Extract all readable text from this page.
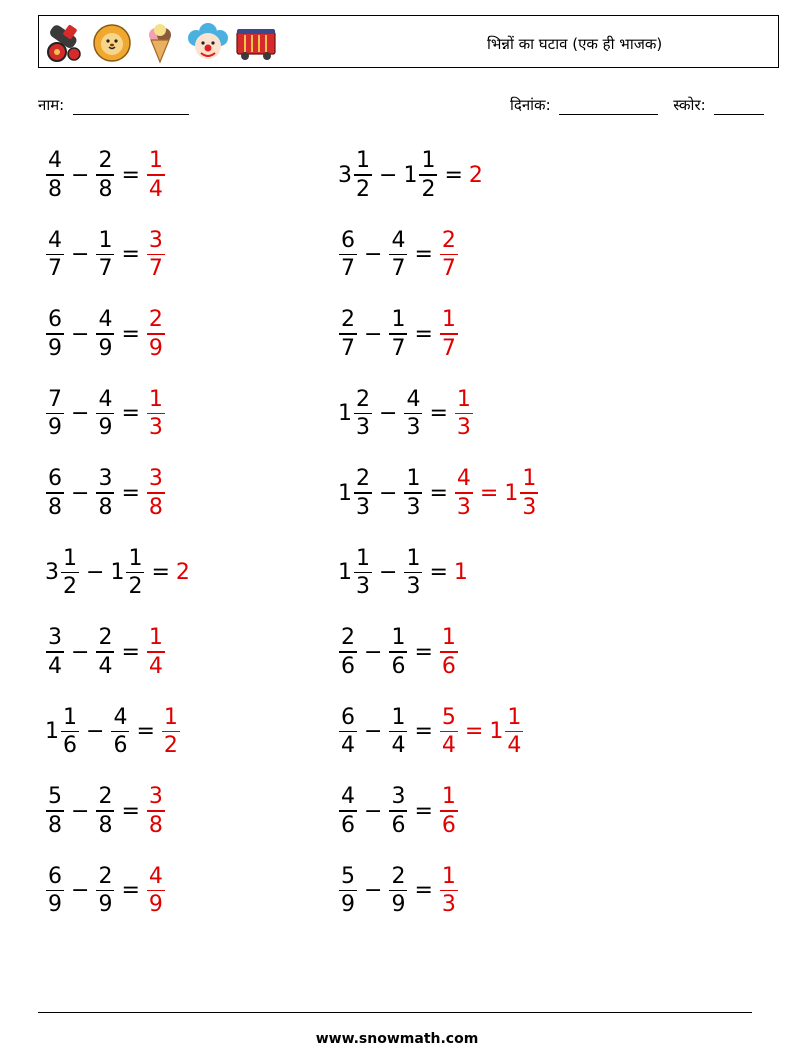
भिन्नों का घटाव (एक ही भाजक)
नाम:	दिनांक:	स्कोर:
$\frac{4}{8} - \frac{2}{8} = \frac{1}{4}$	$3 \frac{1}{2} - 1 \frac{1}{2} = 2$
$\frac{4}{7} - \frac{1}{7} = \frac{3}{7}$	$\frac{6}{7} - \frac{4}{7} = \frac{2}{7}$
$\frac{6}{9} - \frac{4}{9} = \frac{2}{9}$	$\frac{2}{7} - \frac{1}{7} = \frac{1}{7}$
$\frac{7}{9} - \frac{4}{9} = \frac{1}{3}$	$1 \frac{2}{3} - \frac{4}{3} = \frac{1}{3}$
$\frac{6}{8} - \frac{3}{8} = \frac{3}{8}$	$1 \frac{2}{3} - \frac{1}{3} = \frac{4}{3} = 1 \frac{1}{3}$
$3 \frac{1}{2} - 1 \frac{1}{2} = 2$	$1 \frac{1}{3} - \frac{1}{3} = 1$
$\frac{3}{4} - \frac{2}{4} = \frac{1}{4}$	$\frac{2}{6} - \frac{1}{6} = \frac{1}{6}$
$1 \frac{1}{6} - \frac{4}{6} = \frac{1}{2}$	$\frac{6}{4} - \frac{1}{4} = \frac{5}{4} = 1 \frac{1}{4}$
$\frac{5}{8} - \frac{2}{8} = \frac{3}{8}$	$\frac{4}{6} - \frac{3}{6} = \frac{1}{6}$
$\frac{6}{9} - \frac{2}{9} = \frac{4}{9}$	$\frac{5}{9} - \frac{2}{9} = \frac{1}{3}$
www.snowmath.com
